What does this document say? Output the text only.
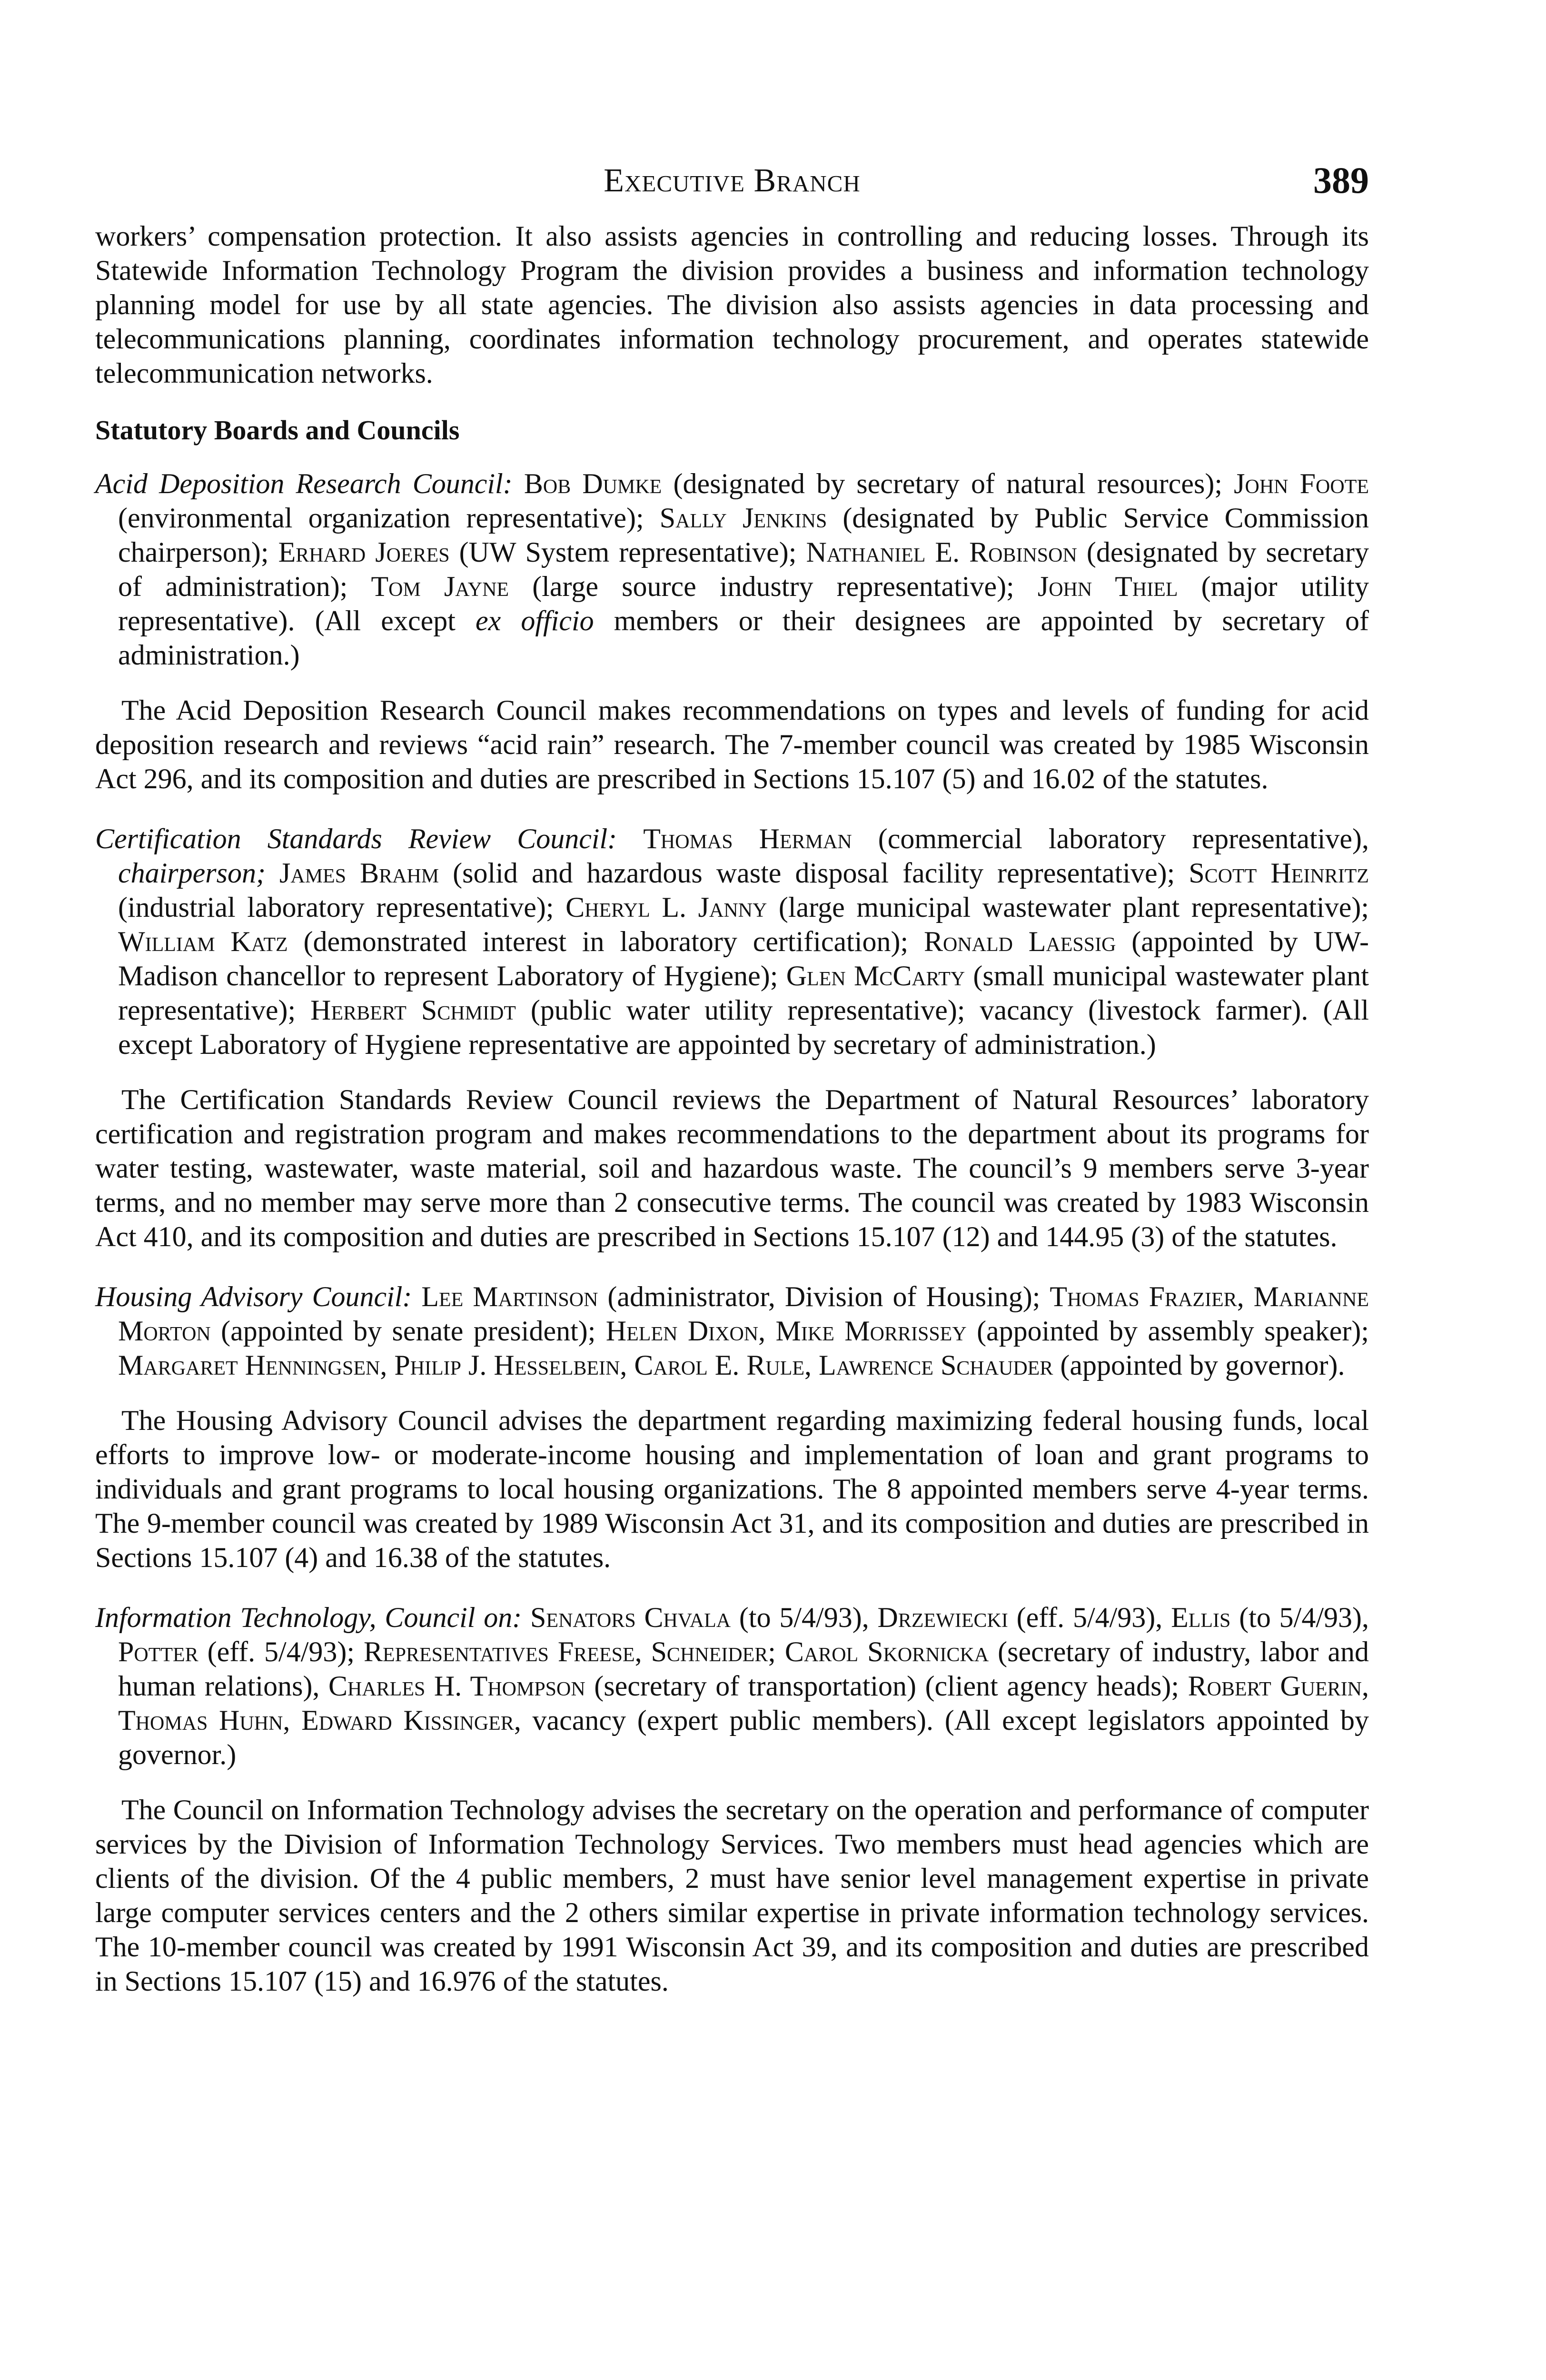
Executive Branch	389

workers’ compensation protection. It also assists agencies in controlling and reducing losses. Through its Statewide Information Technology Program the division provides a business and information technology planning model for use by all state agencies. The division also assists agencies in data processing and telecommunications planning, coordinates information technology procurement, and operates statewide telecommunication networks.

Statutory Boards and Councils

Acid Deposition Research Council: Bob Dumke (designated by secretary of natural resources); John Foote (environmental organization representative); Sally Jenkins (designated by Public Service Commission chairperson); Erhard Joeres (UW System representative); Nathaniel E. Robinson (designated by secretary of administration); Tom Jayne (large source industry representative); John Thiel (major utility representative). (All except ex officio members or their designees are appointed by secretary of administration.)

The Acid Deposition Research Council makes recommendations on types and levels of funding for acid deposition research and reviews “acid rain” research. The 7-member council was created by 1985 Wisconsin Act 296, and its composition and duties are prescribed in Sections 15.107 (5) and 16.02 of the statutes.

Certification Standards Review Council: Thomas Herman (commercial laboratory representative), chairperson; James Brahm (solid and hazardous waste disposal facility representative); Scott Heinritz (industrial laboratory representative); Cheryl L. Janny (large municipal wastewater plant representative); William Katz (demonstrated interest in laboratory certification); Ronald Laessig (appointed by UW-Madison chancellor to represent Laboratory of Hygiene); Glen McCarty (small municipal wastewater plant representative); Herbert Schmidt (public water utility representative); vacancy (livestock farmer). (All except Laboratory of Hygiene representative are appointed by secretary of administration.)

The Certification Standards Review Council reviews the Department of Natural Resources’ laboratory certification and registration program and makes recommendations to the department about its programs for water testing, wastewater, waste material, soil and hazardous waste. The council’s 9 members serve 3-year terms, and no member may serve more than 2 consecutive terms. The council was created by 1983 Wisconsin Act 410, and its composition and duties are prescribed in Sections 15.107 (12) and 144.95 (3) of the statutes.

Housing Advisory Council: Lee Martinson (administrator, Division of Housing); Thomas Frazier, Marianne Morton (appointed by senate president); Helen Dixon, Mike Morrissey (appointed by assembly speaker); Margaret Henningsen, Philip J. Hesselbein, Carol E. Rule, Lawrence Schauder (appointed by governor).

The Housing Advisory Council advises the department regarding maximizing federal housing funds, local efforts to improve low- or moderate-income housing and implementation of loan and grant programs to individuals and grant programs to local housing organizations. The 8 appointed members serve 4-year terms. The 9-member council was created by 1989 Wisconsin Act 31, and its composition and duties are prescribed in Sections 15.107 (4) and 16.38 of the statutes.

Information Technology, Council on: Senators Chvala (to 5/4/93), Drzewiecki (eff. 5/4/93), Ellis (to 5/4/93), Potter (eff. 5/4/93); Representatives Freese, Schneider; Carol Skornicka (secretary of industry, labor and human relations), Charles H. Thompson (secretary of transportation) (client agency heads); Robert Guerin, Thomas Huhn, Edward Kissinger, vacancy (expert public members). (All except legislators appointed by governor.)

The Council on Information Technology advises the secretary on the operation and performance of computer services by the Division of Information Technology Services. Two members must head agencies which are clients of the division. Of the 4 public members, 2 must have senior level management expertise in private large computer services centers and the 2 others similar expertise in private information technology services. The 10-member council was created by 1991 Wisconsin Act 39, and its composition and duties are prescribed in Sections 15.107 (15) and 16.976 of the statutes.
